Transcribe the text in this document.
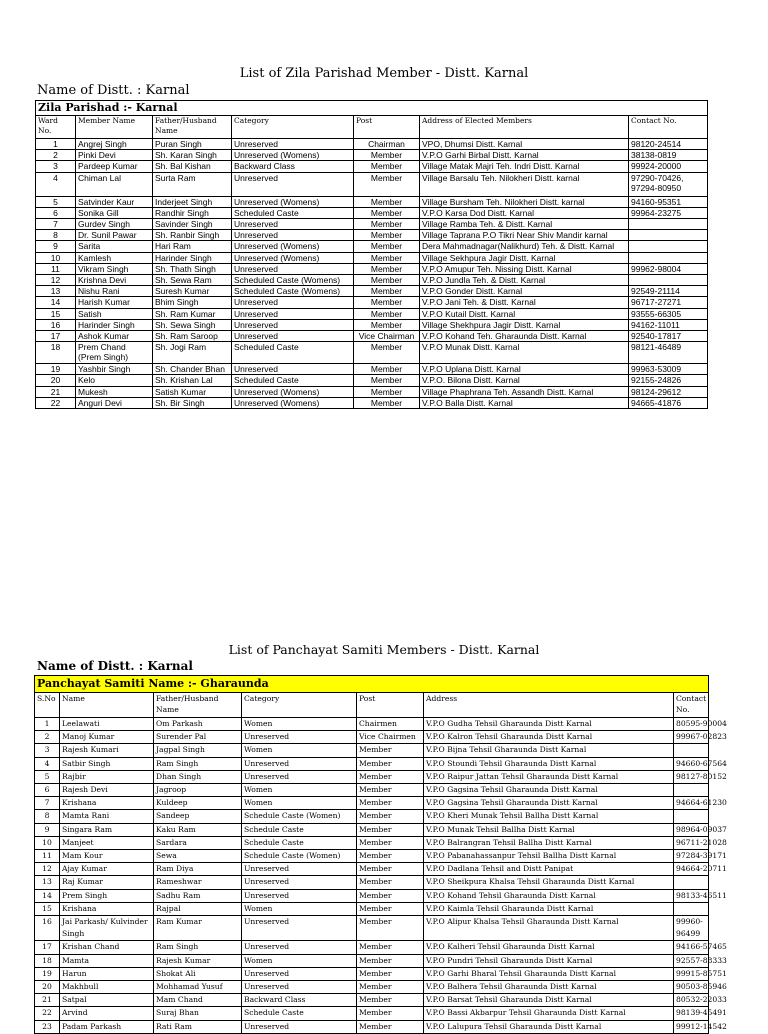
List of Zila Parishad Member - Distt. Karnal
Name of Distt. : Karnal
Zila Parishad :- Karnal						
Ward No.	Member Name	Father/Husband Name	Category	Post	Address of Elected Members	Contact No.
1	Angrej Singh	Puran Singh	Unreserved	Chairman	VPO, Dhumsi Distt. Karnal	98120-24514
2	Pinki Devi	Sh. Karan Singh	Unreserved (Womens)	Member	V.P.O Garhi Birbal Distt. Karnal	38138-0819
3	Pardeep Kumar	Sh. Bal Kishan	Backward Class	Member	Village Matak Majri Teh. Indri Distt. Karnal	99924-20000
4	Chiman Lal	Surta Ram	Unreserved	Member	Village Barsalu Teh. Nilokheri Distt. karnal	97290-70426, 97294-80950
5	Satvinder Kaur	Inderjeet Singh	Unreserved (Womens)	Member	Village Bursham Teh. Nilokheri Distt. karnal	94160-95351
6	Sonika Gill	Randhir Singh	Scheduled Caste	Member	V.P.O Karsa Dod Distt. Karnal	99964-23275
7	Gurdev Singh	Savinder Singh	Unreserved	Member	Village Ramba Teh. & Distt. Karnal	
8	Dr. Sunil Pawar	Sh. Ranbir Singh	Unreserved	Member	Village Taprana P.O Tikri Near Shiv Mandir karnal	
9	Sarita	Hari Ram	Unreserved (Womens)	Member	Dera Mahmadnagar(Nalikhurd) Teh. & Distt. Karnal	
10	Kamlesh	Harinder Singh	Unreserved (Womens)	Member	Village Sekhpura Jagir Distt. Karnal	
11	Vikram Singh	Sh. Thath Singh	Unreserved	Member	V.P.O Amupur Teh. Nissing Distt. Karnal	99962-98004
12	Krishna Devi	Sh. Sewa Ram	Scheduled Caste (Womens)	Member	V.P.O Jundla Teh. & Distt. Karnal	
13	Nishu Rani	Suresh Kumar	Scheduled Caste (Womens)	Member	V.P.O Gonder Distt. Karnal	92549-21114
14	Harish Kumar	Bhim Singh	Unreserved	Member	V.P.O Jani Teh. & Distt. Karnal	96717-27271
15	Satish	Sh. Ram Kumar	Unreserved	Member	V.P.O Kutail Distt. Karnal	93555-66305
16	Harinder Singh	Sh. Sewa Singh	Unreserved	Member	Village Shekhpura Jagir Distt. Karnal	94162-11011
17	Ashok Kumar	Sh. Ram Saroop	Unreserved	Vice Chairman	V.P.O Kohand Teh. Gharaunda Distt. Karnal	92540-17817
18	Prem Chand (Prem Singh)	Sh. Jogi Ram	Scheduled Caste	Member	V.P.O Munak Distt. Karnal	98121-46489
19	Yashbir Singh	Sh. Chander Bhan	Unreserved	Member	V.P.O Uplana Distt. Karnal	99963-53009
20	Kelo	Sh. Krishan Lal	Scheduled Caste	Member	V.P.O. Bilona Distt. Karnal	92155-24826
21	Mukesh	Satish Kumar	Unreserved (Womens)	Member	Village Phaphrana Teh. Assandh Distt. Karnal	98124-29612
22	Anguri Devi	Sh. Bir Singh	Unreserved (Womens)	Member	V.P.O Balla Distt. Karnal	94665-41876
List of Panchayat Samiti Members - Distt. Karnal
Name of Distt. : Karnal
Panchayat Samiti Name :- Gharaunda						
S.No	Name	Father/Husband Name	Category	Post	Address	Contact No.
1	Leelawati	Om Parkash	Women	Chairmen	V.P.O Gudha Tehsil Gharaunda Distt Karnal	80595-90004
2	Manoj Kumar	Surender Pal	Unreserved	Vice Chairmen	V.P.O Kalron Tehsil Gharaunda Distt Karnal	99967-02823
3	Rajesh Kumari	Jagpal Singh	Women	Member	V.P.O Bijna Tehsil Gharaunda Distt Karnal	
4	Satbir Singh	Ram Singh	Unreserved	Member	V.P.O Stoundi Tehsil Gharaunda Distt Karnal	94660-67564
5	Rajbir	Dhan Singh	Unreserved	Member	V.P.O Raipur Jattan Tehsil Gharaunda Distt Karnal	98127-80152
6	Rajesh Devi	Jagroop	Women	Member	V.P.O Gagsina Tehsil Gharaunda Distt Karnal	
7	Krishana	Kuldeep	Women	Member	V.P.O Gagsina Tehsil Gharaunda Distt Karnal	94664-61230
8	Mamta Rani	Sandeep	Schedule Caste (Women)	Member	V.P.O Kheri Munak Tehsil Ballha Distt Karnal	
9	Singara Ram	Kaku Ram	Schedule Caste	Member	V.P.O Munak Tehsil Ballha Distt Karnal	98964-09037
10	Manjeet	Sardara	Schedule Caste	Member	V.P.O Balrangran Tehsil Ballha Distt Karnal	96711-21028
11	Mam Kour	Sewa	Schedule Caste (Women)	Member	V.P.O Pabanahassanpur Tehsil Ballha Distt Karnal	97284-39171
12	Ajay Kumar	Ram Diya	Unreserved	Member	V.P.O Dadlana Tehsil and Distt Panipat	94664-20711
13	Raj Kumar	Rameshwar	Unreserved	Member	V.P.O Sheikpura Khalsa Tehsil Gharaunda Distt Karnal	
14	Prem Singh	Sadhu Ram	Unreserved	Member	V.P.O Kohand Tehsil Gharaunda Distt Karnal	98133-46511
15	Krishana	Rajpal	Women	Member	V.P.O Kaimla Tehsil Gharaunda Distt Karnal	
16	Jai Parkash/ Kulvinder Singh	Ram Kumar	Unreserved	Member	V.P.O Alipur Khalsa Tehsil Gharaunda Distt Karnal	99960-96499
17	Krishan Chand	Ram Singh	Unreserved	Member	V.P.O Kalheri Tehsil Gharaunda Distt Karnal	94166-57465
18	Mamta	Rajesh Kumar	Women	Member	V.P.O Pundri Tehsil Gharaunda Distt Karnal	92557-88333
19	Harun	Shokat Ali	Unreserved	Member	V.P.O Garhi Bharal Tehsil Gharaunda Distt Karnal	99915-85751
20	Makhbull	Mohhamad Yusuf	Unreserved	Member	V.P.O Balhera Tehsil Gharaunda Distt Karnal	90503-85946
21	Satpal	Mam Chand	Backward Class	Member	V.P.O Barsat Tehsil Gharaunda Distt Karnal	80532-22033
22	Arvind	Suraj Bhan	Schedule Caste	Member	V.P.O Bassi Akbarpur Tehsil Gharaunda Distt Karnal	98139-45491
23	Padam Parkash	Rati Ram	Unreserved	Member	V.P.O Lalupura Tehsil Gharaunda Distt Karnal	99912-14542
